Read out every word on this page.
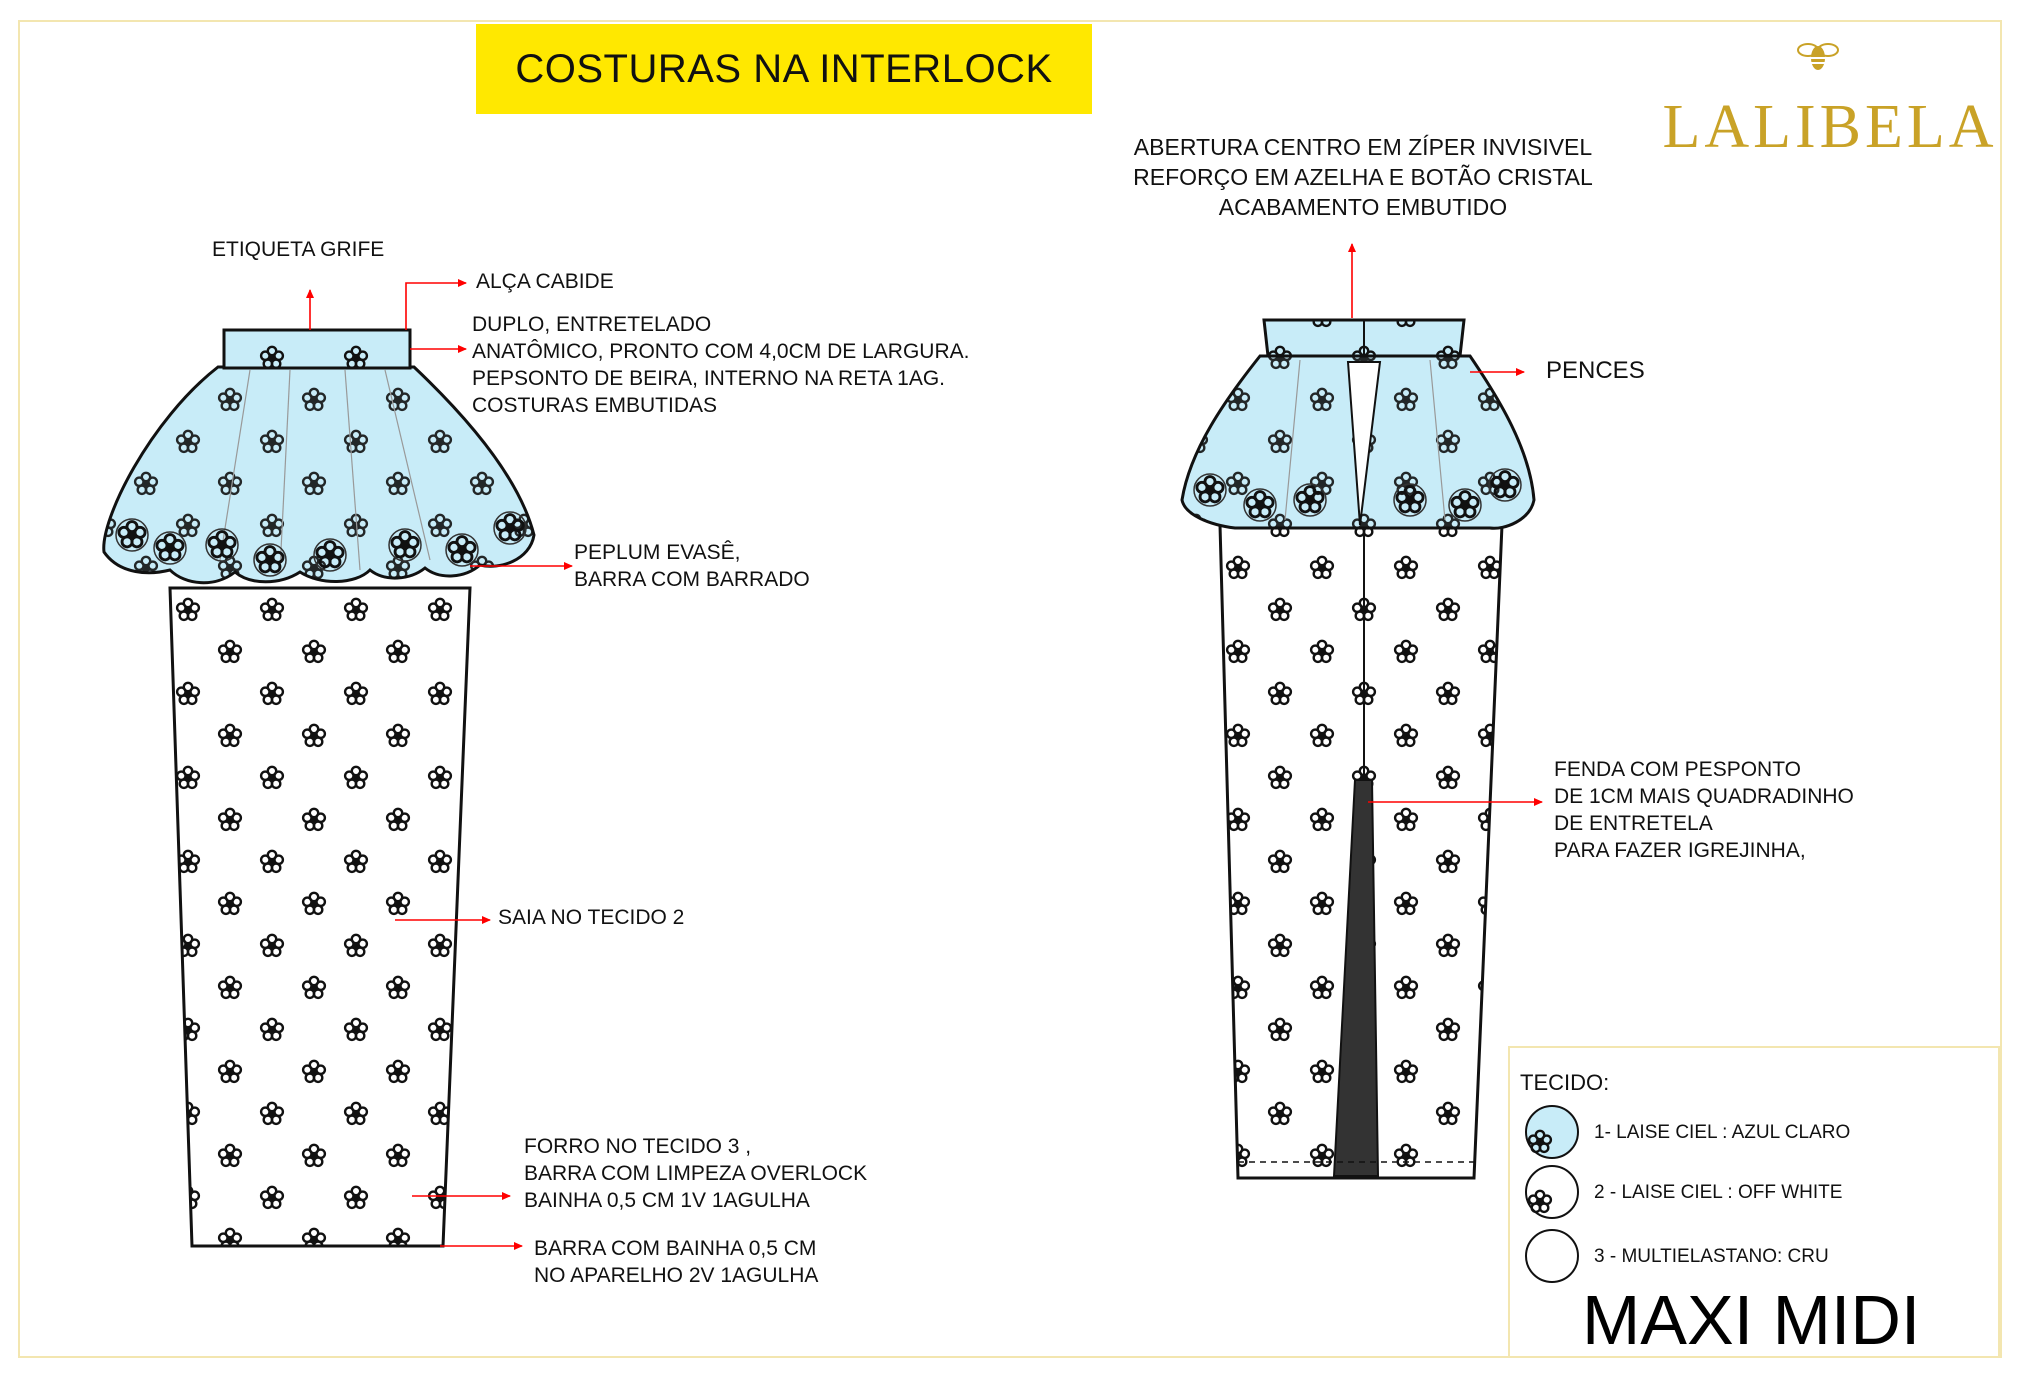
COSTURAS NA INTERLOCK
LALIBELA
ETIQUETA GRIFE
ALÇA CABIDE
DUPLO, ENTRETELADO
ANATÔMICO, PRONTO COM 4,0CM DE LARGURA.
PEPSONTO DE BEIRA, INTERNO NA RETA 1AG.
COSTURAS EMBUTIDAS
PEPLUM EVASÊ,
BARRA COM BARRADO
SAIA NO TECIDO 2
FORRO NO TECIDO 3 ,
BARRA COM LIMPEZA OVERLOCK
BAINHA 0,5 CM 1V 1AGULHA
BARRA COM BAINHA 0,5 CM
NO APARELHO 2V 1AGULHA
ABERTURA CENTRO EM ZÍPER INVISIVEL
REFORÇO EM AZELHA E BOTÃO CRISTAL
ACABAMENTO EMBUTIDO
PENCES
FENDA COM PESPONTO
DE 1CM MAIS QUADRADINHO
DE ENTRETELA
PARA FAZER IGREJINHA,
TECIDO:
1- LAISE CIEL : AZUL CLARO
2 - LAISE CIEL : OFF WHITE
3 - MULTIELASTANO: CRU
MAXI MIDI
